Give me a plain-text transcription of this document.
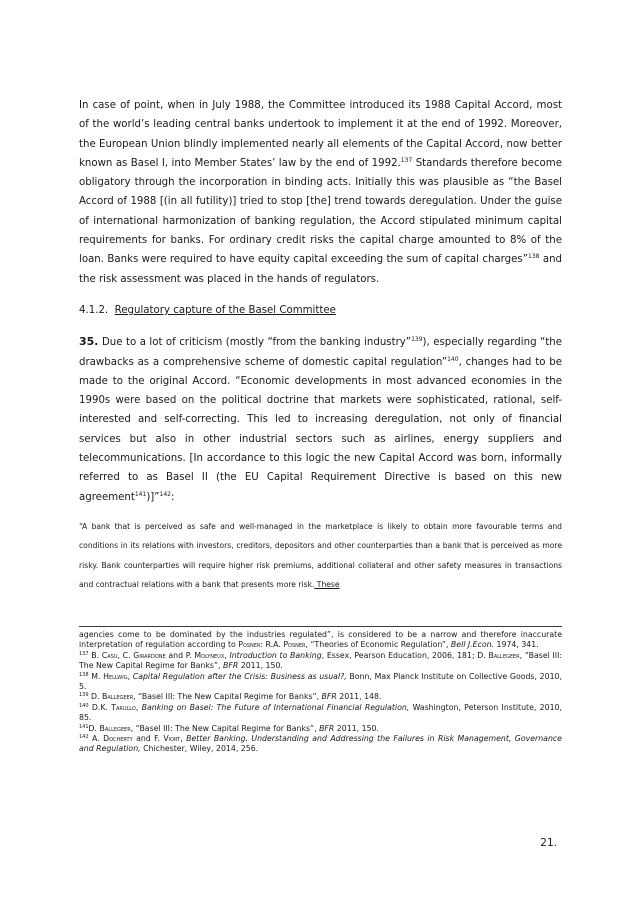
In case of point, when in July 1988, the Committee introduced its 1988 Capital Accord, most of the world’s leading central banks undertook to implement it at the end of 1992. Moreover, the European Union blindly implemented nearly all elements of the Capital Accord, now better known as Basel I, into Member States’ law by the end of 1992.$^{137}$ Standards therefore become obligatory through the incorporation in binding acts. Initially this was plausible as “the Basel Accord of 1988 [(in all futility)] tried to stop [the] trend towards deregulation. Under the guise of international harmonization of banking regulation, the Accord stipulated minimum capital requirements for banks. For ordinary credit risks the capital charge amounted to 8% of the loan. Banks were required to have equity capital exceeding the sum of capital charges”$^{138}$ and the risk assessment was placed in the hands of regulators.

4.1.2. Regulatory capture of the Basel Committee

35. Due to a lot of criticism (mostly “from the banking industry”$^{139}$), especially regarding “the drawbacks as a comprehensive scheme of domestic capital regulation”$^{140}$, changes had to be made to the original Accord. “Economic developments in most advanced economies in the 1990s were based on the political doctrine that markets were sophisticated, rational, self-interested and self-correcting. This led to increasing deregulation, not only of financial services but also in other industrial sectors such as airlines, energy suppliers and telecommunications. [In accordance to this logic the new Capital Accord was born, informally referred to as Basel II (the EU Capital Requirement Directive is based on this new agreement$^{141}$)]”$^{142}$:

“A bank that is perceived as safe and well-managed in the marketplace is likely to obtain more favourable terms and conditions in its relations with investors, creditors, depositors and other counterparties than a bank that is perceived as more risky. Bank counterparties will require higher risk premiums, additional collateral and other safety measures in transactions and contractual relations with a bank that presents more risk. These

agencies come to be dominated by the industries regulated”, is considered to be a narrow and therefore inaccurate interpretation of regulation according to Posner: R.A. Posner, “Theories of Economic Regulation”, Bell J.Econ. 1974, 341.
$^{137}$ B. Casu, C. Girardone and P. Molyneux, Introduction to Banking, Essex, Pearson Education, 2006, 181; D. Ballegeer, “Basel III: The New Capital Regime for Banks”, BFR 2011, 150.
$^{138}$ M. Hellwig, Capital Regulation after the Crisis: Business as usual?, Bonn, Max Planck Institute on Collective Goods, 2010, 5.
$^{139}$ D. Ballegeer, “Basel III: The New Capital Regime for Banks”, BFR 2011, 148.
$^{140}$ D.K. Tarullo, Banking on Basel: The Future of International Financial Regulation, Washington, Peterson Institute, 2010, 85.
$^{141}$D. Ballegeer, “Basel III: The New Capital Regime for Banks”, BFR 2011, 150.
$^{142}$ A. Docherty and F. Viort, Better Banking. Understanding and Addressing the Failures in Risk Management, Governance and Regulation, Chichester, Wiley, 2014, 256.
21.
